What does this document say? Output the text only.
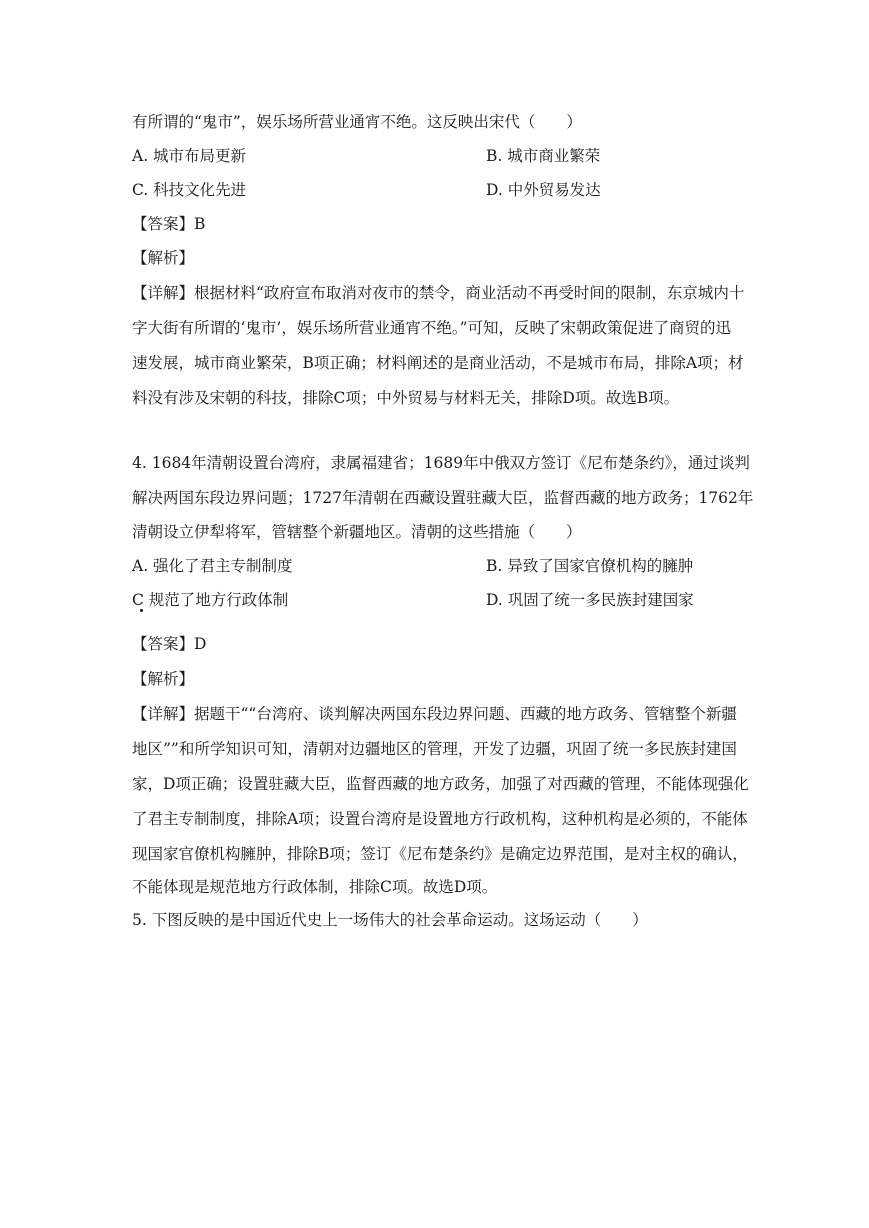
有所谓的“鬼市”，娱乐场所营业通宵不绝。这反映出宋代（　　）
A. 城市布局更新	B. 城市商业繁荣
C. 科技文化先进	D. 中外贸易发达
【答案】B
【解析】
【详解】根据材料“政府宣布取消对夜市的禁令，商业活动不再受时间的限制，东京城内十
字大街有所谓的‘鬼市’，娱乐场所营业通宵不绝。”可知，反映了宋朝政策促进了商贸的迅
速发展，城市商业繁荣，B项正确；材料阐述的是商业活动，不是城市布局，排除A项；材
料没有涉及宋朝的科技，排除C项；中外贸易与材料无关，排除D项。故选B项。
4. 1684年清朝设置台湾府，隶属福建省；1689年中俄双方签订《尼布楚条约》，通过谈判
解决两国东段边界问题；1727年清朝在西藏设置驻藏大臣，监督西藏的地方政务；1762年
清朝设立伊犁将军，管辖整个新疆地区。清朝的这些措施（　　）
A. 强化了君主专制制度	B. 异致了国家官僚机构的臃肿
C 规范了地方行政体制	D. 巩固了统一多民族封建国家
【答案】D
【解析】
【详解】据题干““台湾府、谈判解决两国东段边界问题、西藏的地方政务、管辖整个新疆
地区””和所学知识可知，清朝对边疆地区的管理，开发了边疆，巩固了统一多民族封建国
家，D项正确；设置驻藏大臣，监督西藏的地方政务，加强了对西藏的管理，不能体现强化
了君主专制制度，排除A项；设置台湾府是设置地方行政机构，这种机构是必须的，不能体
现国家官僚机构臃肿，排除B项；签订《尼布楚条约》是确定边界范围，是对主权的确认，
不能体现是规范地方行政体制，排除C项。故选D项。
5. 下图反映的是中国近代史上一场伟大的社会革命运动。这场运动（　　）
